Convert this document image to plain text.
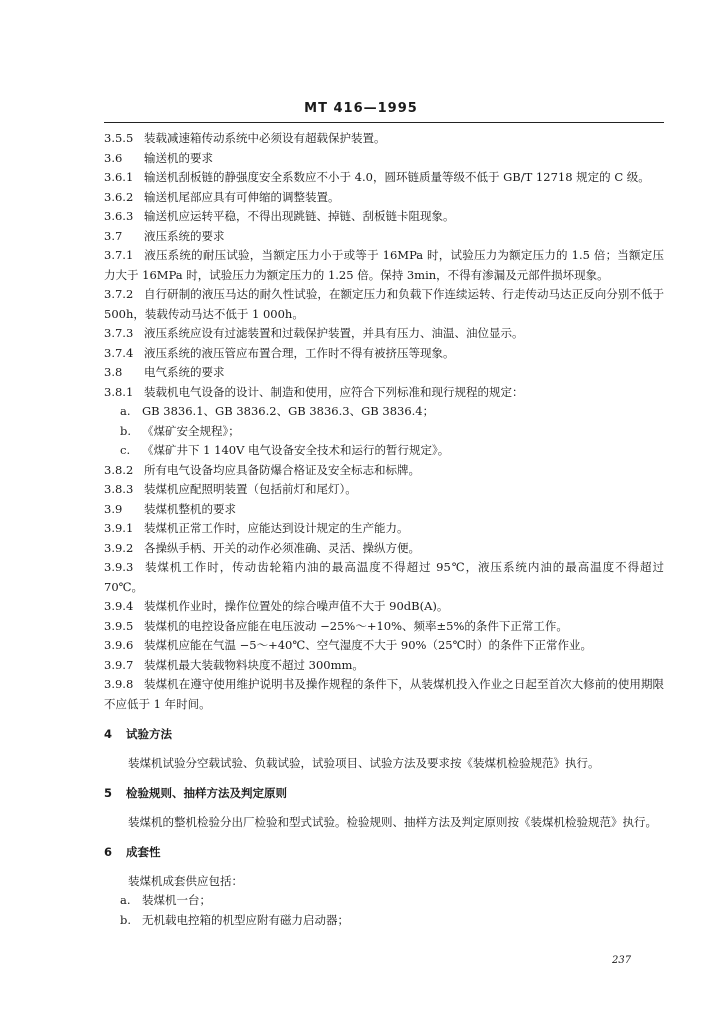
MT 416—1995

3.5.5 装载减速箱传动系统中必须设有超载保护装置。

3.6 输送机的要求

3.6.1 输送机刮板链的静强度安全系数应不小于 4.0，圆环链质量等级不低于 GB/T 12718 规定的 C 级。

3.6.2 输送机尾部应具有可伸缩的调整装置。

3.6.3 输送机应运转平稳，不得出现跳链、掉链、刮板链卡阻现象。

3.7 液压系统的要求

3.7.1 液压系统的耐压试验，当额定压力小于或等于 16MPa 时，试验压力为额定压力的 1.5 倍；当额定压力大于 16MPa 时，试验压力为额定压力的 1.25 倍。保持 3min，不得有渗漏及元部件损坏现象。

3.7.2 自行研制的液压马达的耐久性试验，在额定压力和负载下作连续运转、行走传动马达正反向分别不低于 500h，装载传动马达不低于 1 000h。

3.7.3 液压系统应设有过滤装置和过载保护装置，并具有压力、油温、油位显示。

3.7.4 液压系统的液压管应布置合理，工作时不得有被挤压等现象。

3.8 电气系统的要求

3.8.1 装载机电气设备的设计、制造和使用，应符合下列标准和现行规程的规定：

a. GB 3836.1、GB 3836.2、GB 3836.3、GB 3836.4；

b. 《煤矿安全规程》；

c. 《煤矿井下 1 140V 电气设备安全技术和运行的暂行规定》。

3.8.2 所有电气设备均应具备防爆合格证及安全标志和标牌。

3.8.3 装煤机应配照明装置（包括前灯和尾灯）。

3.9 装煤机整机的要求

3.9.1 装煤机正常工作时，应能达到设计规定的生产能力。

3.9.2 各操纵手柄、开关的动作必须准确、灵活、操纵方便。

3.9.3 装煤机工作时，传动齿轮箱内油的最高温度不得超过 95℃，液压系统内油的最高温度不得超过 70℃。

3.9.4 装煤机作业时，操作位置处的综合噪声值不大于 90dB(A)。

3.9.5 装煤机的电控设备应能在电压波动 −25%～+10%、频率±5%的条件下正常工作。

3.9.6 装煤机应能在气温 −5～+40℃、空气湿度不大于 90%（25℃时）的条件下正常作业。

3.9.7 装煤机最大装载物料块度不超过 300mm。

3.9.8 装煤机在遵守使用维护说明书及操作规程的条件下，从装煤机投入作业之日起至首次大修前的使用期限不应低于 1 年时间。

4 试验方法

装煤机试验分空载试验、负载试验，试验项目、试验方法及要求按《装煤机检验规范》执行。

5 检验规则、抽样方法及判定原则

装煤机的整机检验分出厂检验和型式试验。检验规则、抽样方法及判定原则按《装煤机检验规范》执行。

6 成套性

装煤机成套供应包括：

a. 装煤机一台；

b. 无机载电控箱的机型应附有磁力启动器；

237
